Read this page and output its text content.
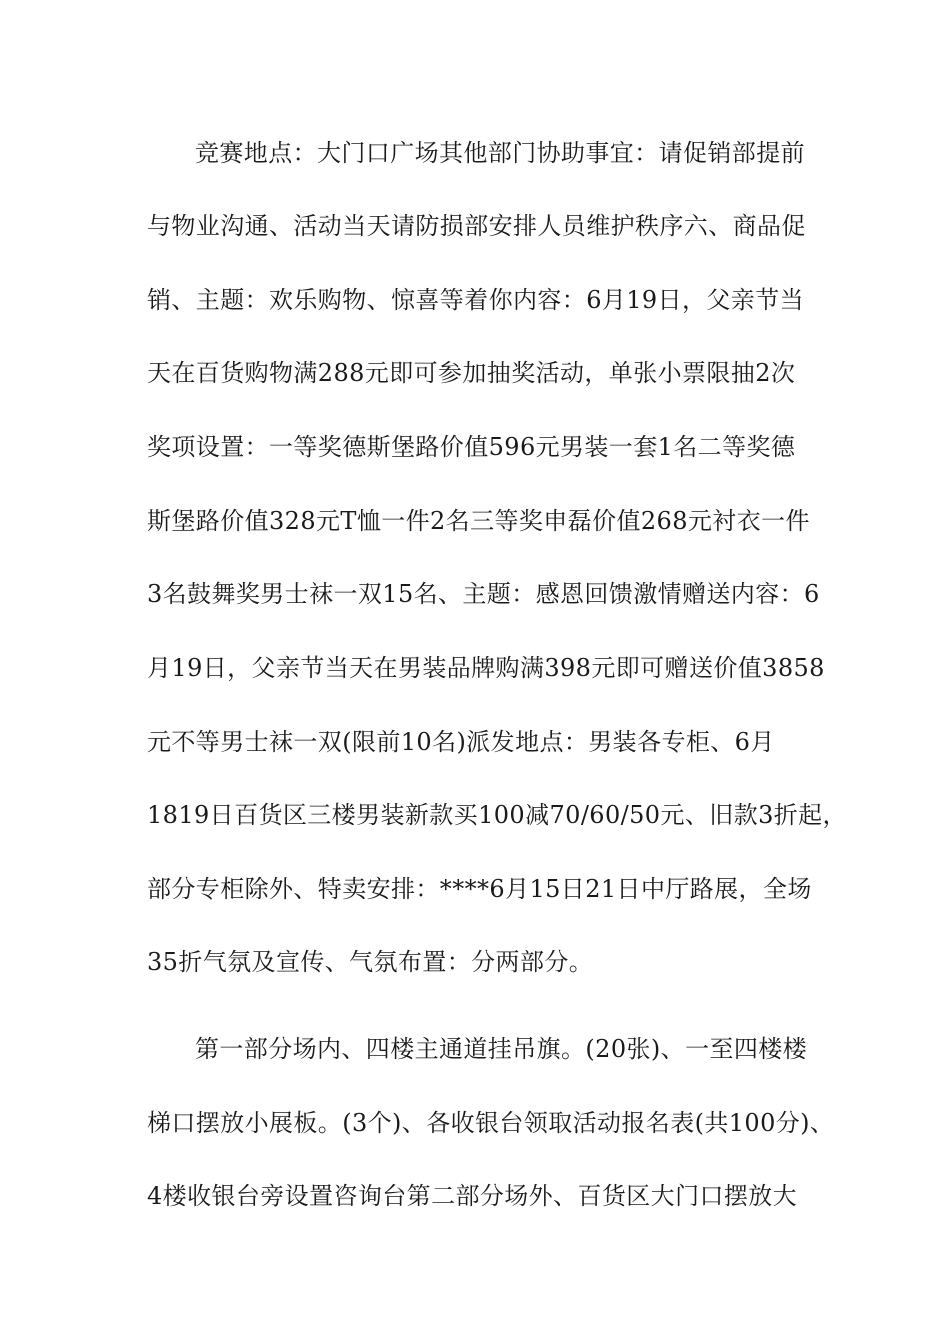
竞赛地点：大门口广场其他部门协助事宜：请促销部提前
与物业沟通、活动当天请防损部安排人员维护秩序六、商品促
销、主题：欢乐购物、惊喜等着你内容：6月19日，父亲节当
天在百货购物满288元即可参加抽奖活动，单张小票限抽2次
奖项设置：一等奖德斯堡路价值596元男装一套1名二等奖德
斯堡路价值328元T恤一件2名三等奖申磊价值268元衬衣一件
3名鼓舞奖男士袜一双15名、主题：感恩回馈激情赠送内容：6
月19日，父亲节当天在男装品牌购满398元即可赠送价值3858
元不等男士袜一双(限前10名)派发地点：男装各专柜、6月
1819日百货区三楼男装新款买100减70/60/50元、旧款3折起，
部分专柜除外、特卖安排：****6月15日21日中厅路展，全场
35折气氛及宣传、气氛布置：分两部分。
第一部分场内、四楼主通道挂吊旗。(20张)、一至四楼楼
梯口摆放小展板。(3个)、各收银台领取活动报名表(共100分)、
4楼收银台旁设置咨询台第二部分场外、百货区大门口摆放大
